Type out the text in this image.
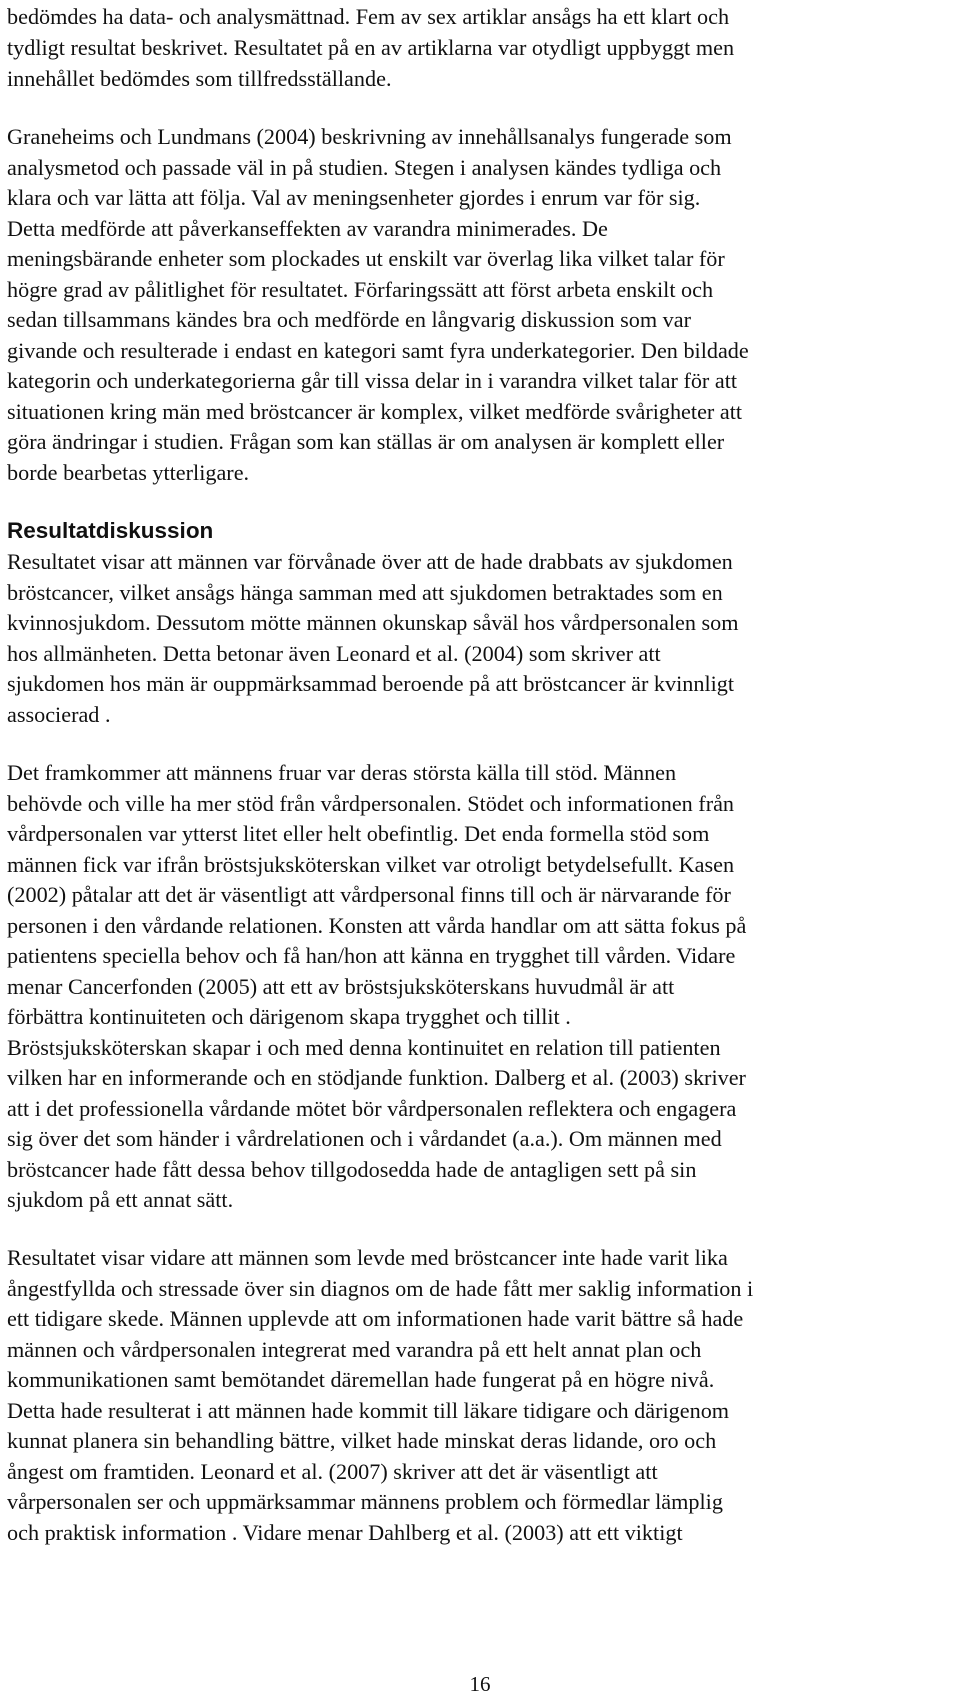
bedömdes ha data- och analysmättnad. Fem av sex artiklar ansågs ha ett klart och

tydligt resultat beskrivet. Resultatet på en av artiklarna var otydligt uppbyggt men

innehållet bedömdes som tillfredsställande.

Graneheims och Lundmans (2004) beskrivning av innehållsanalys fungerade som

analysmetod och passade väl in på studien. Stegen i analysen kändes tydliga och

klara och var lätta att följa. Val av meningsenheter gjordes i enrum var för sig.

Detta medförde att påverkanseffekten av varandra minimerades. De

meningsbärande enheter som plockades ut enskilt var överlag lika vilket talar för

högre grad av pålitlighet för resultatet. Förfaringssätt att först arbeta enskilt och

sedan tillsammans kändes bra och medförde en långvarig diskussion som var

givande och resulterade i endast en kategori samt fyra underkategorier. Den bildade

kategorin och underkategorierna går till vissa delar in i varandra vilket talar för att

situationen kring män med bröstcancer är komplex, vilket medförde svårigheter att

göra ändringar i studien. Frågan som kan ställas är om analysen är komplett eller

borde bearbetas ytterligare.

Resultatdiskussion

Resultatet visar att männen var förvånade över att de hade drabbats av sjukdomen

bröstcancer, vilket ansågs hänga samman med att sjukdomen betraktades som en

kvinnosjukdom. Dessutom mötte männen okunskap såväl hos vårdpersonalen som

hos allmänheten. Detta betonar även Leonard et al. (2004) som skriver att

sjukdomen hos män är ouppmärksammad beroende på att bröstcancer är kvinnligt

associerad .

Det framkommer att männens fruar var deras största källa till stöd. Männen

behövde och ville ha mer stöd från vårdpersonalen. Stödet och informationen från

vårdpersonalen var ytterst litet eller helt obefintlig. Det enda formella stöd som

männen fick var ifrån bröstsjuksköterskan vilket var otroligt betydelsefullt. Kasen

(2002) påtalar att det är väsentligt att vårdpersonal finns till och är närvarande för

personen i den vårdande relationen. Konsten att vårda handlar om att sätta fokus på

patientens speciella behov och få han/hon att känna en trygghet till vården. Vidare

menar Cancerfonden (2005) att ett av bröstsjuksköterskans huvudmål är att

förbättra kontinuiteten och därigenom skapa trygghet och tillit .

Bröstsjuksköterskan skapar i och med denna kontinuitet en relation till patienten

vilken har en informerande och en stödjande funktion. Dalberg et al. (2003) skriver

att i det professionella vårdande mötet bör vårdpersonalen reflektera och engagera

sig över det som händer i vårdrelationen och i vårdandet (a.a.). Om männen med

bröstcancer hade fått dessa behov tillgodosedda hade de antagligen sett på sin

sjukdom på ett annat sätt.

Resultatet visar vidare att männen som levde med bröstcancer inte hade varit lika

ångestfyllda och stressade över sin diagnos om de hade fått mer saklig information i

ett tidigare skede. Männen upplevde att om informationen hade varit bättre så hade

männen och vårdpersonalen integrerat med varandra på ett helt annat plan och

kommunikationen samt bemötandet däremellan hade fungerat på en högre nivå.

Detta hade resulterat i att männen hade kommit till läkare tidigare och därigenom

kunnat planera sin behandling bättre, vilket hade minskat deras lidande, oro och

ångest om framtiden. Leonard et al. (2007) skriver att det är väsentligt att

vårpersonalen ser och uppmärksammar männens problem och förmedlar lämplig

och praktisk information . Vidare menar Dahlberg et al. (2003) att ett viktigt

16
